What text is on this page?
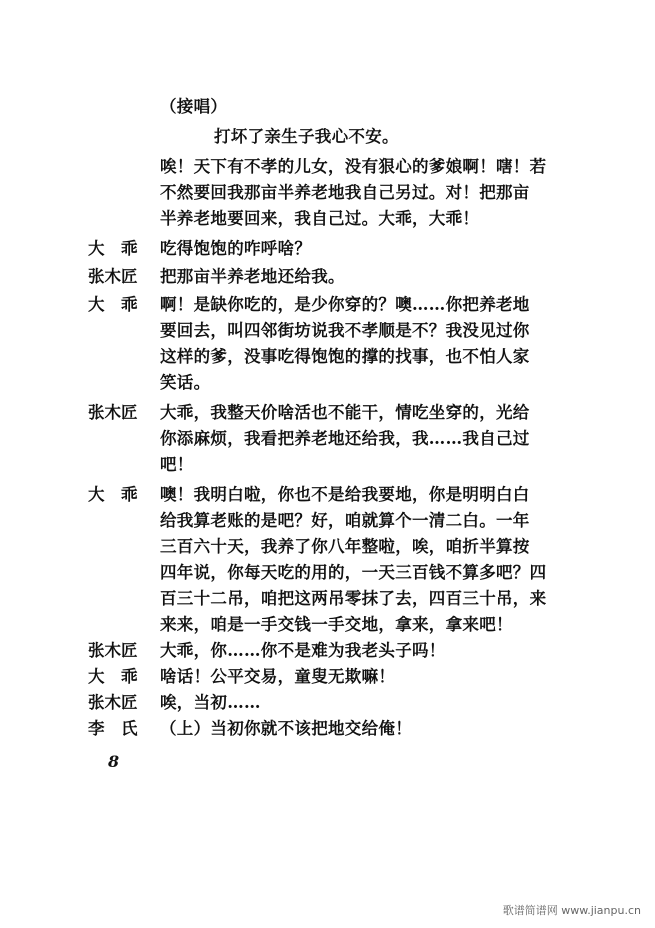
（接唱）
打坏了亲生子我心不安。
唉！天下有不孝的儿女，没有狠心的爹娘啊！嗐！若
不然要回我那亩半养老地我自己另过。对！把那亩
半养老地要回来，我自己过。大乖，大乖！
大　乖 吃得饱饱的咋呼啥？
张木匠 把那亩半养老地还给我。
大　乖 啊！是缺你吃的，是少你穿的？噢……你把养老地
要回去，叫四邻街坊说我不孝顺是不？我没见过你
这样的爹，没事吃得饱饱的撑的找事，也不怕人家
笑话。
张木匠 大乖，我整天价啥活也不能干，情吃坐穿的，光给
你添麻烦，我看把养老地还给我，我……我自己过
吧！
大　乖 噢！我明白啦，你也不是给我要地，你是明明白白
给我算老账的是吧？好，咱就算个一清二白。一年
三百六十天，我养了你八年整啦，唉，咱折半算按
四年说，你每天吃的用的，一天三百钱不算多吧？四
百三十二吊，咱把这两吊零抹了去，四百三十吊，来
来来，咱是一手交钱一手交地，拿来，拿来吧！
张木匠 大乖，你……你不是难为我老头子吗！
大　乖 啥话！公平交易，童叟无欺嘛！
张木匠 唉，当初……
李　氏 （上）当初你就不该把地交给俺！
8
歌谱简谱网 www.jianpu.cn
